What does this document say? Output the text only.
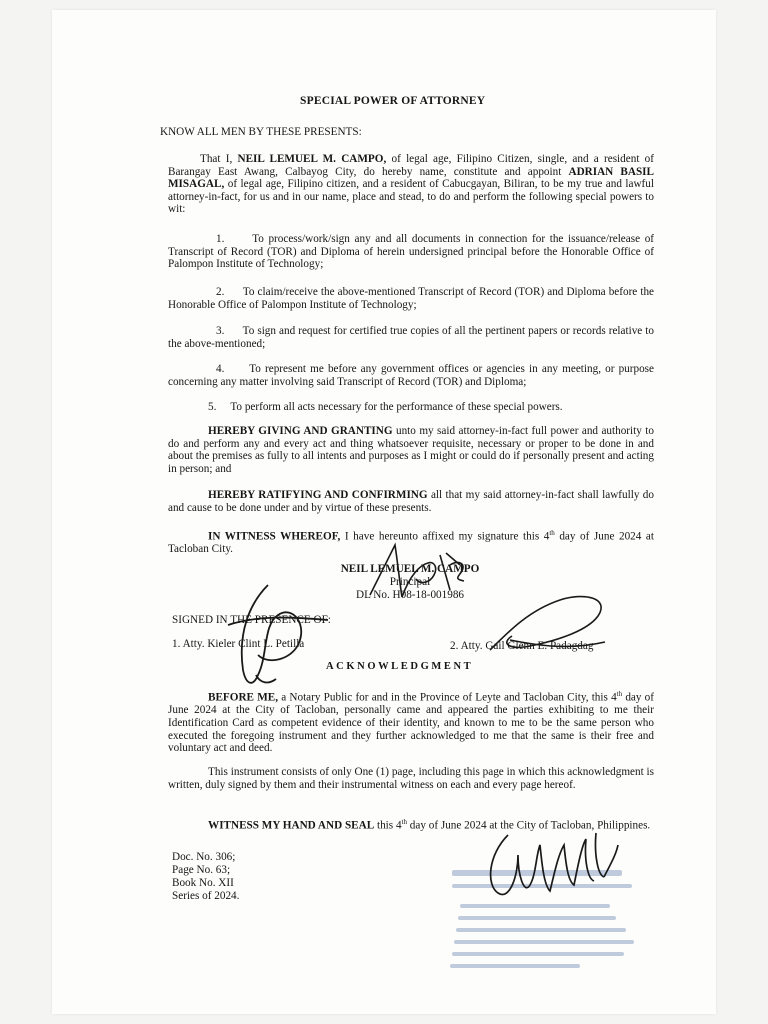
SPECIAL POWER OF ATTORNEY
KNOW ALL MEN BY THESE PRESENTS:
That I, NEIL LEMUEL M. CAMPO, of legal age, Filipino Citizen, single, and a resident of Barangay East Awang, Calbayog City, do hereby name, constitute and appoint ADRIAN BASIL MISAGAL, of legal age, Filipino citizen, and a resident of Cabucgayan, Biliran, to be my true and lawful attorney-in-fact, for us and in our name, place and stead, to do and perform the following special powers to wit:
1. To process/work/sign any and all documents in connection for the issuance/release of Transcript of Record (TOR) and Diploma of herein undersigned principal before the Honorable Office of Palompon Institute of Technology;
2. To claim/receive the above-mentioned Transcript of Record (TOR) and Diploma before the Honorable Office of Palompon Institute of Technology;
3. To sign and request for certified true copies of all the pertinent papers or records relative to the above-mentioned;
4. To represent me before any government offices or agencies in any meeting, or purpose concerning any matter involving said Transcript of Record (TOR) and Diploma;
5. To perform all acts necessary for the performance of these special powers.
HEREBY GIVING AND GRANTING unto my said attorney-in-fact full power and authority to do and perform any and every act and thing whatsoever requisite, necessary or proper to be done in and about the premises as fully to all intents and purposes as I might or could do if personally present and acting in person; and
HEREBY RATIFYING AND CONFIRMING all that my said attorney-in-fact shall lawfully do and cause to be done under and by virtue of these presents.
IN WITNESS WHEREOF, I have hereunto affixed my signature this 4th day of June 2024 at Tacloban City.
NEIL LEMUEL M. CAMPO
Principal
DL No. H08-18-001986
SIGNED IN THE PRESENCE OF:
1. Atty. Kieler Clint L. Petilla	2. Atty. Gail Glenn E. Padagdag
ACKNOWLEDGMENT
BEFORE ME, a Notary Public for and in the Province of Leyte and Tacloban City, this 4th day of June 2024 at the City of Tacloban, personally came and appeared the parties exhibiting to me their Identification Card as competent evidence of their identity, and known to me to be the same person who executed the foregoing instrument and they further acknowledged to me that the same is their free and voluntary act and deed.
This instrument consists of only One (1) page, including this page in which this acknowledgment is written, duly signed by them and their instrumental witness on each and every page hereof.
WITNESS MY HAND AND SEAL this 4th day of June 2024 at the City of Tacloban, Philippines.
Doc. No. 306;
Page No. 63;
Book No. XII
Series of 2024.
